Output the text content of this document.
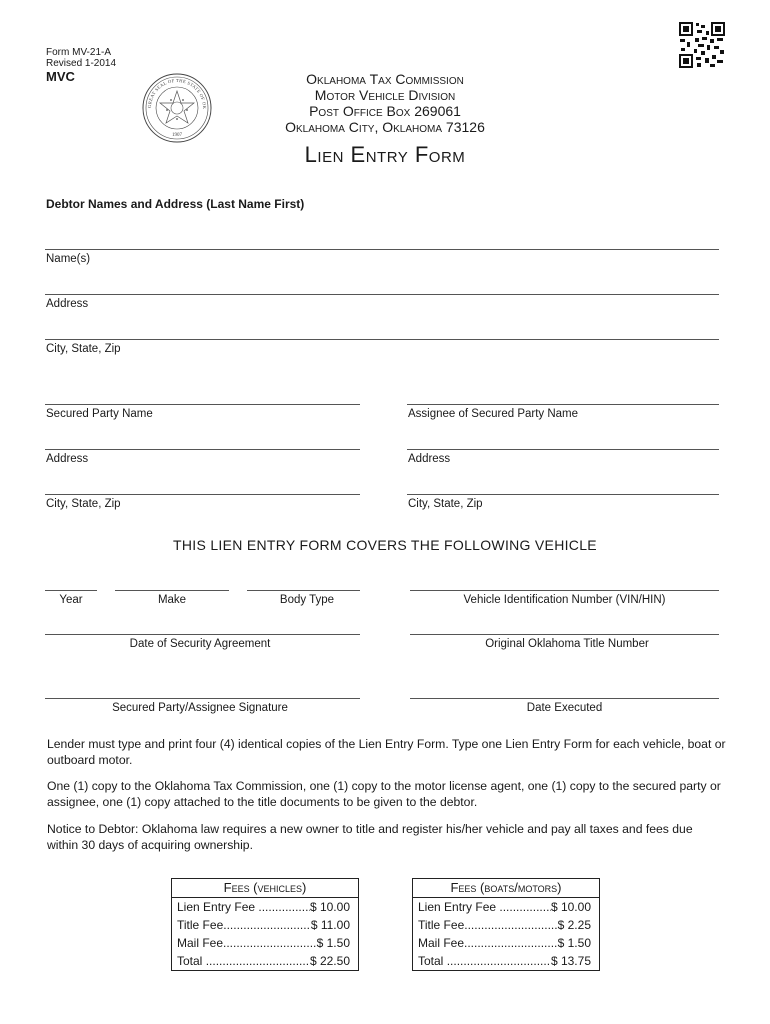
Form MV-21-A
Revised 1-2014
MVC
GREAT SEAL OF THE STATE OF OK
1907
Oklahoma Tax Commission
Motor Vehicle Division
Post Office Box 269061
Oklahoma City, Oklahoma 73126
Lien Entry Form
Debtor Names and Address (Last Name First)
Name(s)
Address
City, State, Zip
Secured Party Name	Assignee of Secured Party Name
Address	Address
City, State, Zip	City, State, Zip
THIS LIEN ENTRY FORM COVERS THE FOLLOWING VEHICLE
Year	Make	Body Type	Vehicle Identification Number (VIN/HIN)
Date of Security Agreement	Original Oklahoma Title Number
Secured Party/Assignee Signature	Date Executed
Lender must type and print four (4) identical copies of the Lien Entry Form. Type one Lien Entry Form for each vehicle, boat or outboard motor.
One (1) copy to the Oklahoma Tax Commission, one (1) copy to the motor license agent, one (1) copy to the secured party or assignee, one (1) copy attached to the title documents to be given to the debtor.
Notice to Debtor: Oklahoma law requires a new owner to title and register his/her vehicle and pay all taxes and fees due within 30 days of acquiring ownership.
Fees (vehicles)
Lien Entry Fee .....	$ 10.00
Title Fee .....	$ 11.00
Mail Fee .....	$ 1.50
Total .....	$ 22.50
Fees (boats/motors)
Lien Entry Fee .....	$ 10.00
Title Fee .....	$ 2.25
Mail Fee .....	$ 1.50
Total .....	$ 13.75
